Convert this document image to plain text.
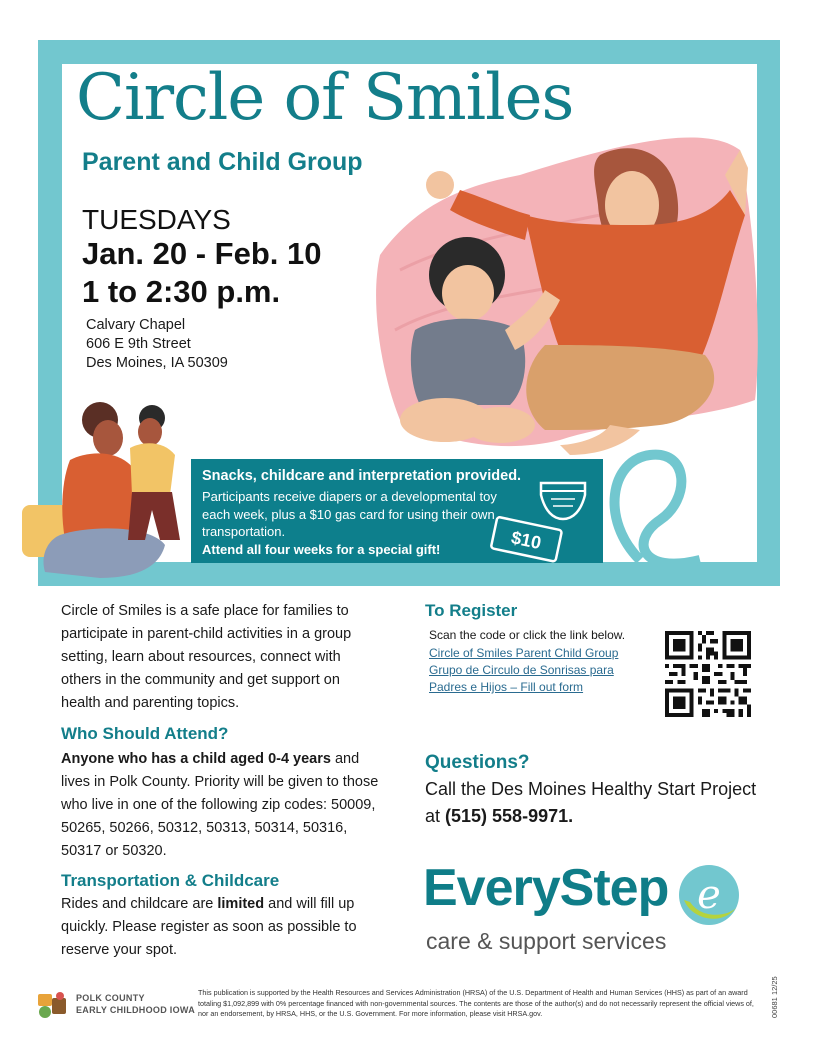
Circle of Smiles
Parent and Child Group
TUESDAYS
Jan. 20 - Feb. 10
1 to 2:30 p.m.
Calvary Chapel
606 E 9th Street
Des Moines, IA 50309
Snacks, childcare and interpretation provided.
Participants receive diapers or a developmental toy each week, plus a $10 gas card for using their own transportation.
Attend all four weeks for a special gift!	$10
Circle of Smiles is a safe place for families to participate in parent-child activities in a group setting, learn about resources, connect with others in the community and get support on health and parenting topics.
Who Should Attend?
Anyone who has a child aged 0-4 years and lives in Polk County. Priority will be given to those who live in one of the following zip codes: 50009, 50265, 50266, 50312, 50313, 50314, 50316, 50317 or 50320.
Transportation & Childcare
Rides and childcare are limited and will fill up quickly. Please register as soon as possible to reserve your spot.
To Register
Scan the code or click the link below.
Circle of Smiles Parent Child Group Grupo de Circulo de Sonrisas para Padres e Hijos – Fill out form
Questions?
Call the Des Moines Healthy Start Project
at (515) 558-9971.
EveryStep e
care & support services
POLK COUNTY
EARLY CHILDHOOD IOWA
This publication is supported by the Health Resources and Services Administration (HRSA) of the U.S. Department of Health and Human Services (HHS) as part of an award totaling $1,092,899 with 0% percentage financed with non-governmental sources. The contents are those of the author(s) and do not necessarily represent the official views of, nor an endorsement, by HRSA, HHS, or the U.S. Government. For more information, please visit HRSA.gov.	00681 12/25
